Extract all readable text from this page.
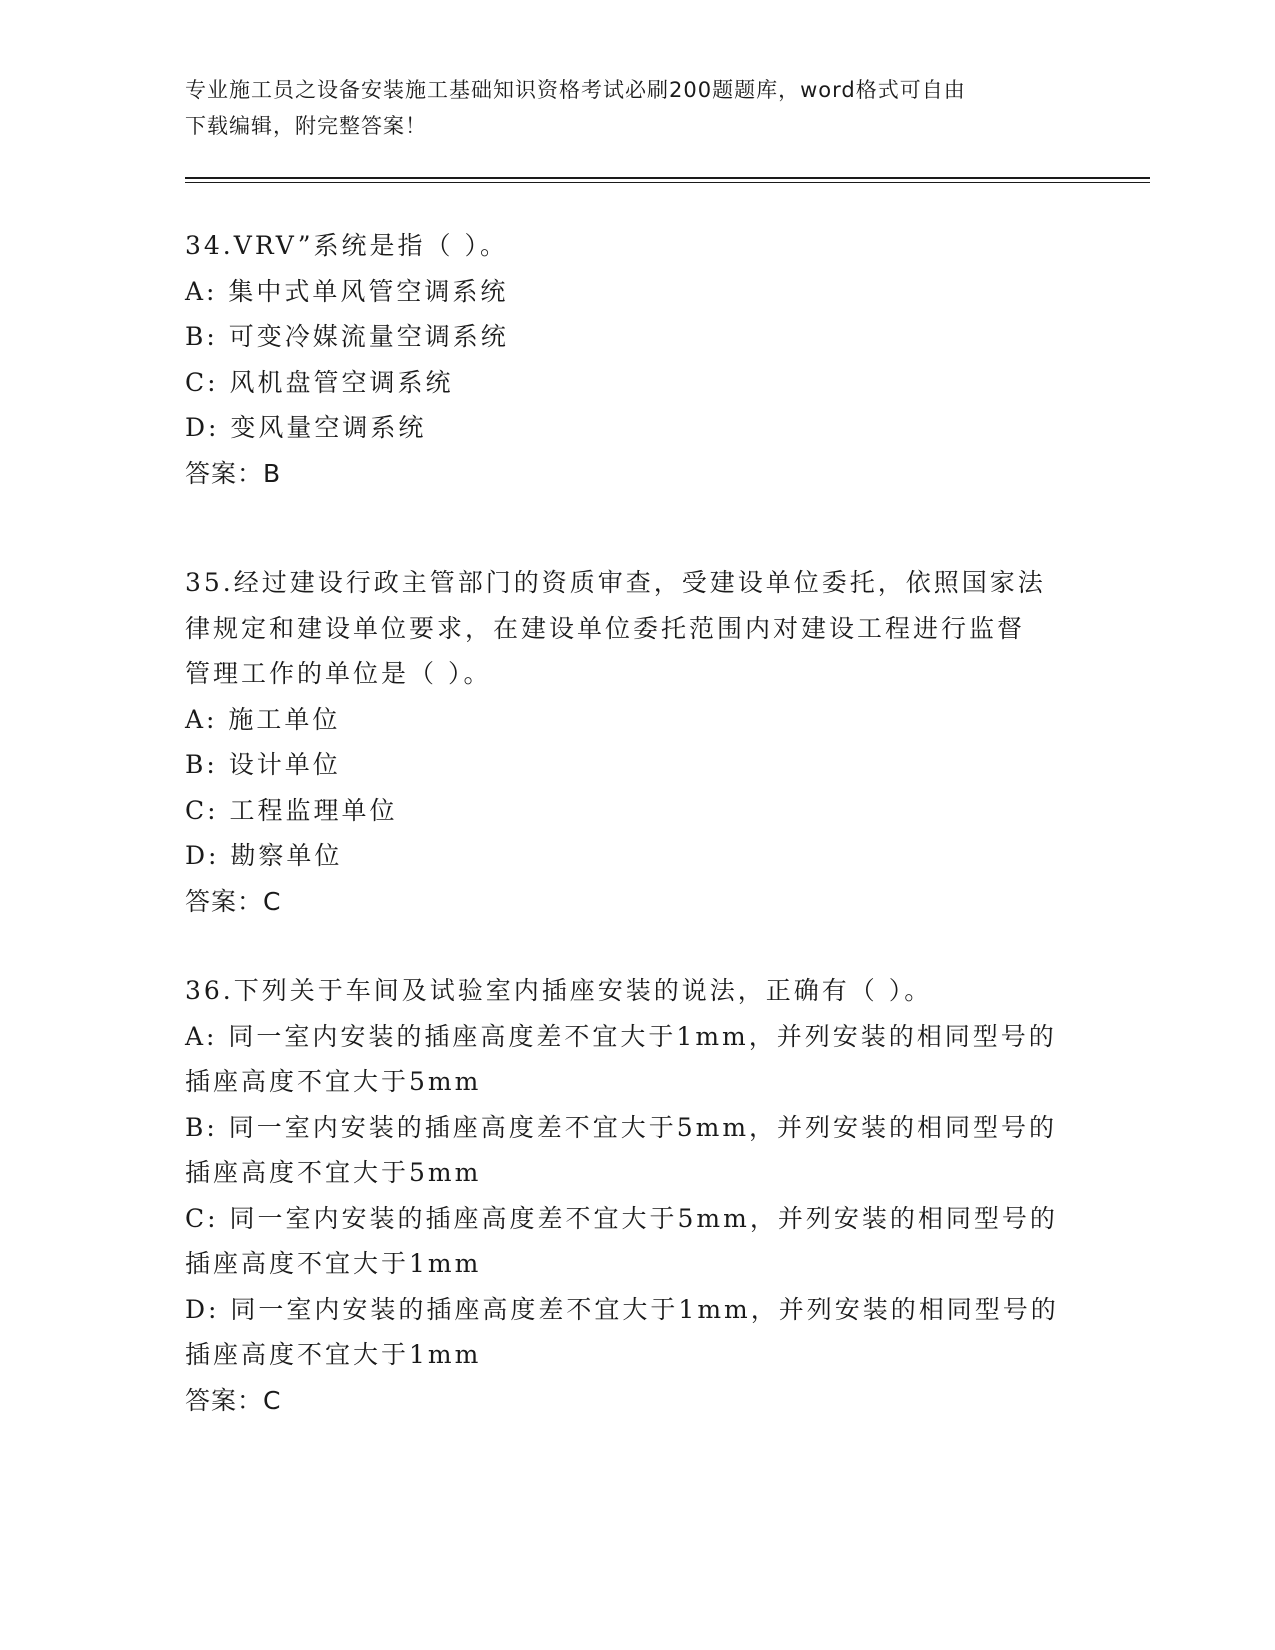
专业施工员之设备安装施工基础知识资格考试必刷200题题库，word格式可自由
下载编辑，附完整答案！
34.VRV”系统是指（ ）。
A: 集中式单风管空调系统
B: 可变冷媒流量空调系统
C: 风机盘管空调系统
D: 变风量空调系统
答案：B
35.经过建设行政主管部门的资质审查，受建设单位委托，依照国家法
律规定和建设单位要求，在建设单位委托范围内对建设工程进行监督
管理工作的单位是（ ）。
A: 施工单位
B: 设计单位
C: 工程监理单位
D: 勘察单位
答案：C
36.下列关于车间及试验室内插座安装的说法，正确有（ ）。
A: 同一室内安装的插座高度差不宜大于1mm，并列安装的相同型号的
插座高度不宜大于5mm
B: 同一室内安装的插座高度差不宜大于5mm，并列安装的相同型号的
插座高度不宜大于5mm
C: 同一室内安装的插座高度差不宜大于5mm，并列安装的相同型号的
插座高度不宜大于1mm
D: 同一室内安装的插座高度差不宜大于1mm，并列安装的相同型号的
插座高度不宜大于1mm
答案：C
